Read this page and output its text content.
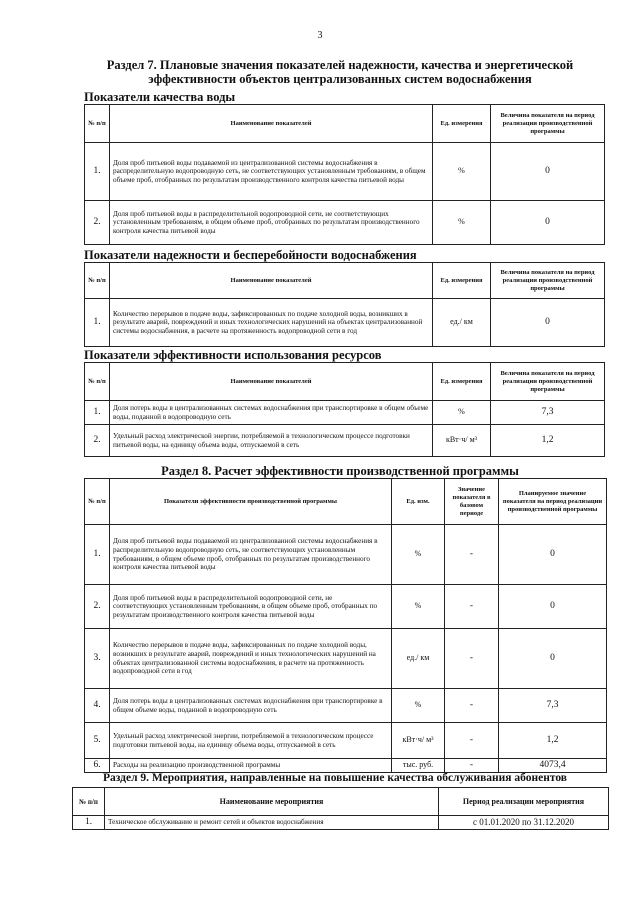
3
Раздел 7. Плановые значения показателей надежности, качества и энергетической эффективности объектов централизованных систем водоснабжения
Показатели качества воды
№ п/п	Наименование показателей	Ед. измерения	Величина показателя на период реализации производственной программы
1.	Доля проб питьевой воды подаваемой из централизованной системы водоснабжения в распределительную водопроводную сеть, не соответствующих установленным требованиям, в общем объеме проб, отобранных по результатам производственного контроля качества питьевой воды	%	0
2.	Доля проб питьевой воды в распределительной водопроводной сети, не соответствующих установленным требованиям, в общем объеме проб, отобранных по результатам производственного контроля качества питьевой воды	%	0
Показатели надежности и бесперебойности водоснабжения
№ п/п	Наименование показателей	Ед. измерения	Величина показателя на период реализации производственной программы
1.	Количество перерывов в подаче воды, зафиксированных по подаче холодной воды, возникших в результате аварий, повреждений и иных технологических нарушений на объектах централизованной системы водоснабжения, в расчете на протяженность водопроводной сети в год	ед./ км	0
Показатели эффективности использования ресурсов
№ п/п	Наименование показателей	Ед. измерения	Величина показателя на период реализации производственной программы
1.	Доля потерь воды в централизованных системах водоснабжения при транспортировке в общем объеме воды, поданной в водопроводную сеть	%	7,3
2.	Удельный расход электрической энергии, потребляемой в технологическом процессе подготовки питьевой воды, на единицу объема воды, отпускаемой в сеть	кВт·ч/ м³	1,2
Раздел 8. Расчет эффективности производственной программы
№ п/п	Показатели эффективности производственной программы	Ед. изм.	Значение показателя в базовом периоде	Планируемое значение показателя на период реализации производственной программы
1.	Доля проб питьевой воды подаваемой из централизованной системы водоснабжения в распределительную водопроводную сеть, не соответствующих установленным требованиям, в общем объеме проб, отобранных по результатам производственного контроля качества питьевой воды	%	-	0
2.	Доля проб питьевой воды в распределительной водопроводной сети, не соответствующих установленным требованиям, в общем объеме проб, отобранных по результатам производственного контроля качества питьевой воды	%	-	0
3.	Количество перерывов в подаче воды, зафиксированных по подаче холодной воды, возникших в результате аварий, повреждений и иных технологических нарушений на объектах централизованной системы водоснабжения, в расчете на протяженность водопроводной сети в год	ед./ км	-	0
4.	Доля потерь воды в централизованных системах водоснабжения при транспортировке в общем объеме воды, поданной в водопроводную сеть	%	-	7,3
5.	Удельный расход электрической энергии, потребляемой в технологическом процессе подготовки питьевой воды, на единицу объема воды, отпускаемой в сеть	кВт·ч/ м³	-	1,2
6.	Расходы на реализацию производственной программы	тыс. руб.	-	4073,4
Раздел 9. Мероприятия, направленные на повышение качества обслуживания абонентов
№ п/п	Наименование мероприятия	Период реализации мероприятия
1.	Техническое обслуживание и ремонт сетей и объектов водоснабжения	с 01.01.2020 по 31.12.2020
